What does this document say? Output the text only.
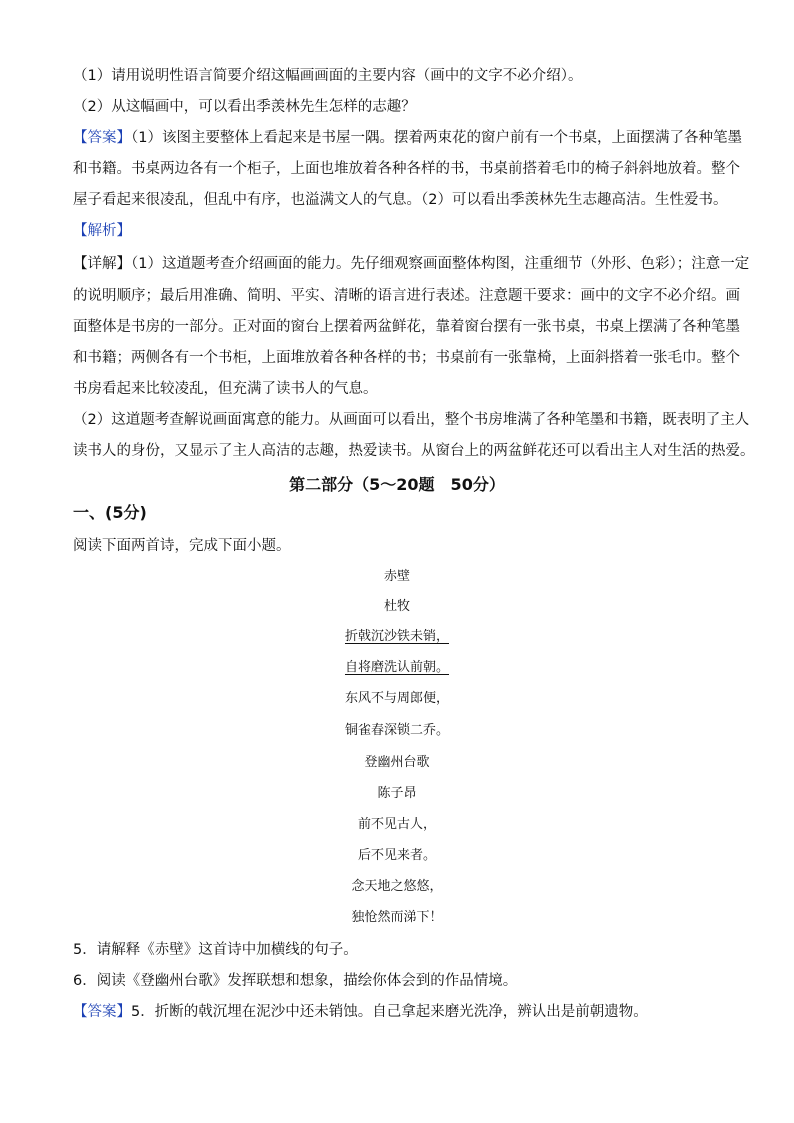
（1）请用说明性语言简要介绍这幅画画面的主要内容（画中的文字不必介绍）。
（2）从这幅画中，可以看出季羡林先生怎样的志趣？
【答案】（1）该图主要整体上看起来是书屋一隅。摆着两束花的窗户前有一个书桌，上面摆满了各种笔墨
和书籍。书桌两边各有一个柜子，上面也堆放着各种各样的书，书桌前搭着毛巾的椅子斜斜地放着。整个
屋子看起来很凌乱，但乱中有序，也溢满文人的气息。（2）可以看出季羡林先生志趣高洁。生性爱书。
【解析】
【详解】（1）这道题考查介绍画面的能力。先仔细观察画面整体构图，注重细节（外形、色彩）；注意一定
的说明顺序；最后用准确、简明、平实、清晰的语言进行表述。注意题干要求：画中的文字不必介绍。画
面整体是书房的一部分。正对面的窗台上摆着两盆鲜花，靠着窗台摆有一张书桌，书桌上摆满了各种笔墨
和书籍；两侧各有一个书柜，上面堆放着各种各样的书；书桌前有一张靠椅，上面斜搭着一张毛巾。整个
书房看起来比较凌乱，但充满了读书人的气息。
（2）这道题考查解说画面寓意的能力。从画面可以看出，整个书房堆满了各种笔墨和书籍，既表明了主人
读书人的身份，又显示了主人高洁的志趣，热爱读书。从窗台上的两盆鲜花还可以看出主人对生活的热爱。
第二部分（5～20题　50分）
一、(5分)
阅读下面两首诗，完成下面小题。
赤壁
杜牧
折戟沉沙铁未销，
自将磨洗认前朝。
东风不与周郎便，
铜雀春深锁二乔。
登幽州台歌
陈子昂
前不见古人，
后不见来者。
念天地之悠悠，
独怆然而涕下！
5．请解释《赤壁》这首诗中加横线的句子。
6．阅读《登幽州台歌》发挥联想和想象，描绘你体会到的作品情境。
【答案】5．折断的戟沉埋在泥沙中还未销蚀。自己拿起来磨光洗净，辨认出是前朝遗物。
